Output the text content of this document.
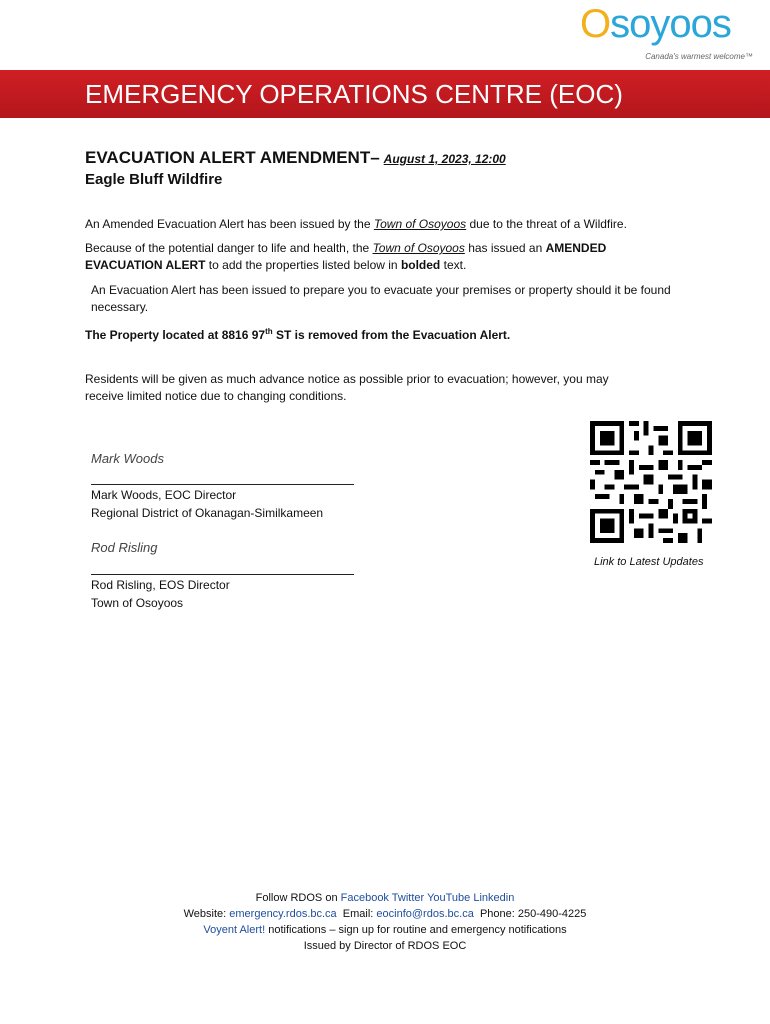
Osoyoos
Canada's warmest welcome™
EMERGENCY OPERATIONS CENTRE (EOC)
EVACUATION ALERT AMENDMENT– August 1, 2023, 12:00
Eagle Bluff Wildfire
An Amended Evacuation Alert has been issued by the Town of Osoyoos due to the threat of a Wildfire.
Because of the potential danger to life and health, the Town of Osoyoos has issued an AMENDED EVACUATION ALERT to add the properties listed below in bolded text.
An Evacuation Alert has been issued to prepare you to evacuate your premises or property should it be found necessary.
The Property located at 8816 97th ST is removed from the Evacuation Alert.
Residents will be given as much advance notice as possible prior to evacuation; however, you may receive limited notice due to changing conditions.
Mark Woods
Mark Woods, EOC Director
Regional District of Okanagan-Similkameen
Rod Risling
Rod Risling, EOS Director
Town of Osoyoos
Link to Latest Updates
Follow RDOS on Facebook Twitter YouTube Linkedin
Website: emergency.rdos.bc.ca Email: eocinfo@rdos.bc.ca Phone: 250-490-4225
Voyent Alert! notifications – sign up for routine and emergency notifications
Issued by Director of RDOS EOC
